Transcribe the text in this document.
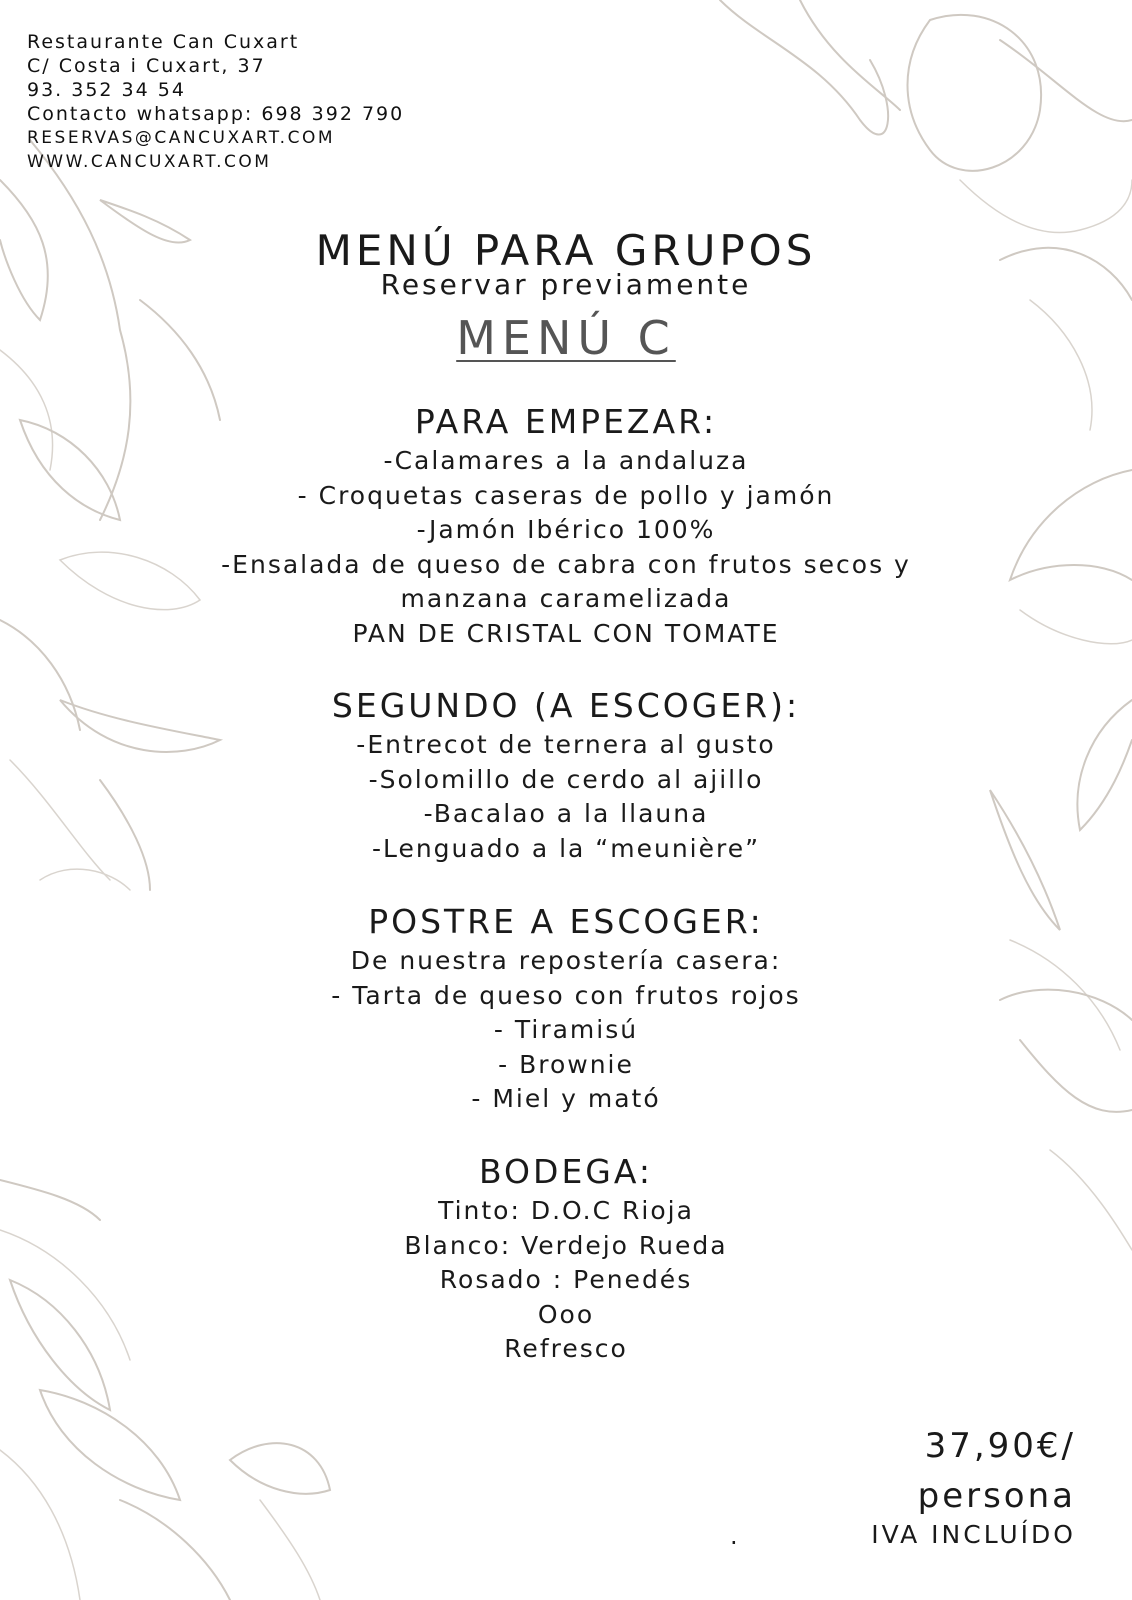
Restaurante Can Cuxart
C/ Costa i Cuxart, 37
93. 352 34 54
Contacto whatsapp: 698 392 790
RESERVAS@CANCUXART.COM
WWW.CANCUXART.COM
MENÚ PARA GRUPOS
Reservar previamente
MENÚ C
PARA EMPEZAR:
-Calamares a la andaluza
- Croquetas caseras de pollo y jamón
-Jamón Ibérico 100%
-Ensalada de queso de cabra con frutos secos y
manzana caramelizada
PAN DE CRISTAL CON TOMATE
SEGUNDO (A ESCOGER):
-Entrecot de ternera al gusto
-Solomillo de cerdo al ajillo
-Bacalao a la llauna
-Lenguado a la “meunière”
POSTRE A ESCOGER:
De nuestra repostería casera:
- Tarta de queso con frutos rojos
- Tiramisú
- Brownie
- Miel y mató
BODEGA:
Tinto: D.O.C Rioja
Blanco: Verdejo Rueda
Rosado : Penedés
Ooo
Refresco
37,90€/
persona
IVA INCLUÍDO
.
